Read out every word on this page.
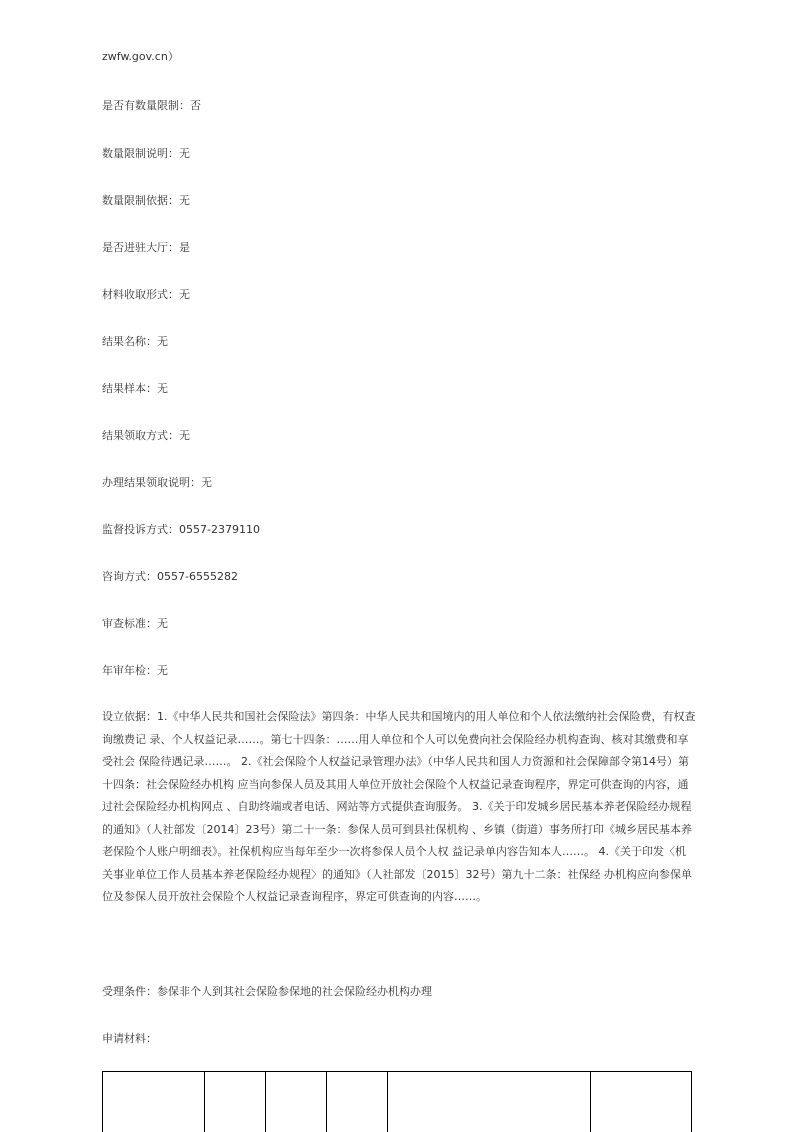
zwfw.gov.cn）
是否有数量限制：否
数量限制说明：无
数量限制依据：无
是否进驻大厅：是
材料收取形式：无
结果名称：无
结果样本：无
结果领取方式：无
办理结果领取说明：无
监督投诉方式：0557-2379110
咨询方式：0557-6555282
审查标准：无
年审年检：无
设立依据：1.《中华人民共和国社会保险法》第四条：中华人民共和国境内的用人单位和个人依法缴纳社会保险费，有权查询缴费记 录、个人权益记录……。第七十四条：……用人单位和个人可以免费向社会保险经办机构查询、核对其缴费和享受社会 保险待遇记录……。 2.《社会保险个人权益记录管理办法》（中华人民共和国人力资源和社会保障部令第14号）第十四条：社会保险经办机构 应当向参保人员及其用人单位开放社会保险个人权益记录查询程序，界定可供查询的内容，通过社会保险经办机构网点 、自助终端或者电话、网站等方式提供查询服务。 3.《关于印发城乡居民基本养老保险经办规程的通知》（人社部发〔2014〕23号）第二十一条：参保人员可到县社保机构 、乡镇（街道）事务所打印《城乡居民基本养老保险个人账户明细表》。社保机构应当每年至少一次将参保人员个人权 益记录单内容告知本人……。 4.《关于印发〈机关事业单位工作人员基本养老保险经办规程〉的通知》（人社部发〔2015〕32号）第九十二条：社保经 办机构应向参保单位及参保人员开放社会保险个人权益记录查询程序，界定可供查询的内容……。
受理条件：参保非个人到其社会保险参保地的社会保险经办机构办理
申请材料：
